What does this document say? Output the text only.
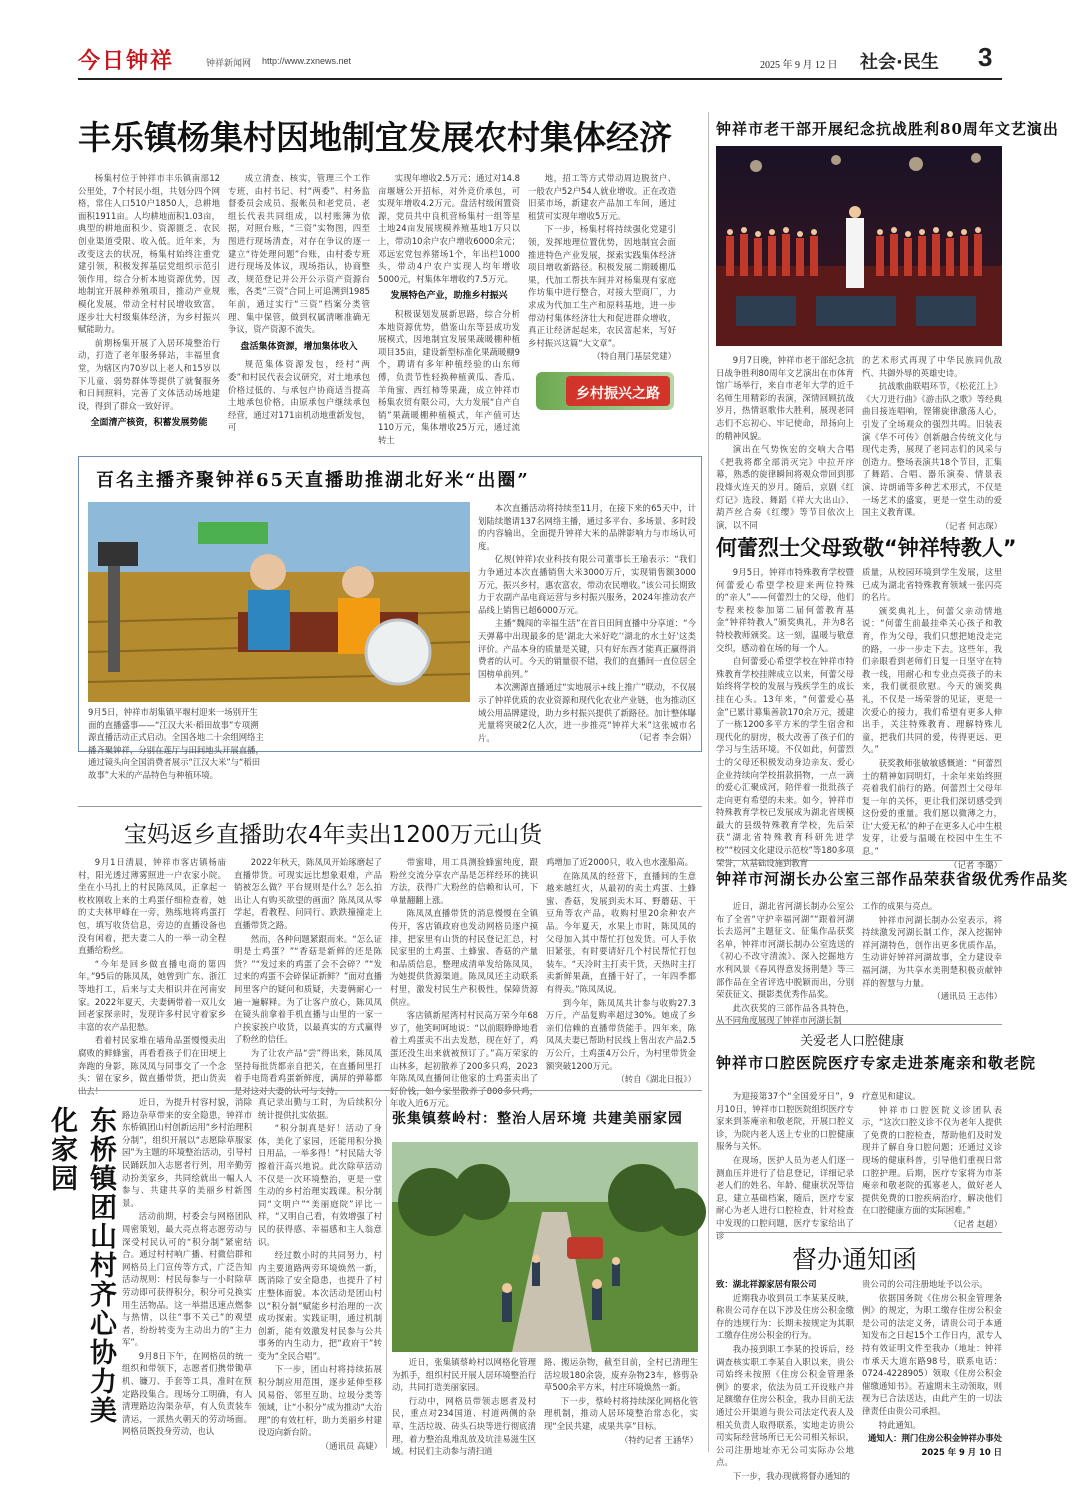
今日钟祥	钟祥新闻网 http://www.zxnews.net	2025 年 9 月 12 日 社会·民生 3
丰乐镇杨集村因地制宜发展农村集体经济

杨集村位于钟祥市丰乐镇南部12公里处，7个村民小组，共划分四个网格，常住人口510户1850人，总耕地面积1911亩。人均耕地面积1.03亩，典型的耕地面积少、资源匮乏、农民创业渠道受限、收入低。近年来，为改变这去的状况，杨集村始终注重党建引领，积极发挥基层党组织示范引领作用，综合分析本地资源优势，因地制宜开展种养殖项目，推动产业规模化发展，带动全村村民增收致富，逐步壮大村级集体经济，为乡村振兴赋能助力。

前期杨集开展了入居环境整治行动，打造了老年服务驿站，丰福里食堂，为辖区内70岁以上老人和15岁以下儿童、弱势群体等提供了就餐服务和日间照料，完善了文体活动场地建设，得到了群众一致好评。

全面清产核资，积蓄发展势能

成立清查、核实，管理三个工作专班，由村书记、村“两委”、村务监督委员会成员、报帐员和老党员、老组长代表共同组成，以村账簿为依据，对照台账，“三资”实物图，四至图进行现场清查，对存在争议的逐一建立“待处理问题”台账，由村委专班进行现场及体议，现场指认，协商整改，规范登记并公开公示资产资源台账，各类“三资”合同上可追溯到1985年前，通过实行“三资”档案分类管理、集中保管，做到权属清晰准确无争议，资产资源不流失。

盘活集体资源，增加集体收入

规范集体资源发包，经村“两委”和村民代表会议研究，对土地承包价格过低的、与承包户协商适当提高土地承包价格，由原承包户继续承包经营，通过对171亩机动地重新发包，可

实现年增收2.5万元；通过对14.8亩堰塘公开招标，对外竞价承包，可实现年增收4.2万元。盘活村级闲置资源，党员共中良机营杨集村一组等星土地24亩发展规模养殖基地1万只以上，带动10余户农户增收6000余元；邓远宏党包养猪场1个，年出栏1000头，带动4户农户实现人均年增收5000元，村集体年增收约7.5万元。

发展特色产业，助推乡村振兴

积极谋划发展新思路，综合分析本地资源优势，借鉴山东等县成功发展模式，因地制宜发展果蔬暖棚种植项目35亩，建设新型标准化果蔬暖棚9个，聘请有多年种植经验的山东师傅，负责节性轻换种植黄瓜、香瓜、羊角蜜、西红柿等果蔬，成立钟祥市杨集农贸有限公司，大力发展“自产自销”果蔬暖棚种植模式，年产值可达110万元，集体增收25万元，通过流转土

地，招工等方式带动周边脱贫户、一般农户52户54人就业增收。正在改造旧菜市场，新建农产品加工车间，通过租赁可实现年增收5万元。

下一步，杨集村将持续强化党建引领，发挥地理位置优势，因地制宜会面推进特色产业发展，探索实践集体经济项目增收新路径。积极发展二期暖棚瓜果，代加工帮扶车间并对杨集现有家庭作坊集中进行整合，对接大型商厂，力求成为代加工生产和原料基地，进一步带动村集体经济壮大和促进群众增收，真正让经济起起来，农民富起来，写好乡村振兴这篇“大文章”。

（特自荆门基层党建）

乡村振兴之路
钟祥市老干部开展纪念抗战胜利80周年文艺演出

9月7日晚，钟祥市老干部纪念抗日战争胜利80周年文艺演出在市体育馆广场举行，来自市老年大学的近千名师生用精彩的表演，深情回顾抗战岁月，热情讴歌伟大胜利，展现老同志们不忘初心、牢记使命，昂扬向上的精神风貌。

演出在气势恢宏的交响大合唱《把我将都全部消灭完》中拉开序幕，熟悉的旋律瞬间将观众带回到那段烽火连天的岁月。随后，京剧《红灯记》选段、舞蹈《祥大大出山》、葫芦丝合奏《红缨》等节目依次上演，以不同

的艺术形式再现了中华民族同仇敌忾、共御外辱的英雄史诗。

抗战歌曲联唱环节，《松花江上》《大刀进行曲》《游击队之歌》等经典曲目接连唱响，铿锵旋律激荡人心，引发了全场观众的强烈共鸣。旧装表演《华不可传》创新融合传统文化与现代走秀，展现了老同志们的风采与创造力。整场表演共18个节目，汇集了舞蹈、合唱、器乐演奏、情景表演、诗朗诵等多种艺术形式，不仅是一场艺术的盛宴，更是一堂生动的爱国主义教育课。

（记者 何志琛）

百名主播齐聚钟祥65天直播助推湖北好米“出圈”
9月5日，钟祥市胡集镇平堰村迎来一场别开生面的直播盛事——“江汉大米·稻田故事”专项溯源直播活动正式启动。全国各地二十余组网络主播齐聚钟祥，分别在莲厅与田间地头开展直播，通过镜头向全国消费者展示“江汉大米”与“稻田故事”大米的产品特色与种植环境。

本次直播活动将持续至11月，在接下来的65天中，计划陆续邀请137名网络主播，通过多平台、多场景、多时段的内容输出，全面提升钟祥大米的品牌影响力与市场认可度。

亿规(钟祥)农业科技有限公司董事长王瑜表示：“我们力争通过本次直播销售大米3000万斤，实现销售额3000万元，振兴乡村，惠农富农，带动农民增收。”该公司长期致力于农副产品电商运营与乡村振兴服务，2024年推动农产品线上销售已超6000万元。

主播“魏闯的幸福生活”在首日田间直播中分享道：“今天弹幕中出现最多的是‘湖北大米好吃’‘湖北的水土好’这类评价。产品本身的质量是关键，只有好东西才能真正赢得消费者的认可。今天的销量很不错，我们的直播间一直位居全国榜单前列。”

本次溯源直播通过“实地展示+线上推广”联动，不仅展示了钟祥优质的农业资源和现代化农业产业链，也为推动区域公用品牌建设，助力乡村振兴提供了新路径。加计整体曝光量将突破2亿人次，进一步推亮“钟祥大米”这张城市名片。	（记者 李会娟）
何蕾烈士父母致敬“钟祥特教人”

9月5日，钟祥市特殊教育学校暨何蕾爱心希望学校迎来两位特殊的“亲人”——何蕾烈士的父母，他们专程来校参加第二届何蕾教育基金“钟祥特教人”颁奖典礼，并为8名特校教师颁奖。这一刻，温暖与敬意交织，感动着在场的每一个人。

自何蕾爱心希望学校在钟祥市特殊教育学校挂牌成立以来，何蕾父母始终将学校的发展与残疾学生的成长挂在心头。13年来，“何蕾爱心基金”已累计募集善款170余万元，援建了一栋1200多平方米的学生宿舍和现代化的厨房，极大改善了孩子们的学习与生活环境。不仅如此，何蕾烈士的父母还积极发动身边亲友、爱心企业持续向学校捐款捐物，一点一滴的爱心汇聚成河，陪伴着一批批孩子走向更有希望的未来。如今，钟祥市特殊教育学校已发展成为湖北省规模最大的县级特殊教育学校，先后荣获“湖北省特殊教育科研先进学校”“校园文化建设示范校”等180多项荣誉，从基础设施到教育

质量，从校园环境到学生发展，这里已成为湖北省特殊教育领域一张闪亮的名片。

颁奖典礼上，何蕾父亲动情地说：“何蕾生前最挂牵关心孩子和教育，作为父母，我们只想把她没走完的路，一步一步走下去。这些年，我们亲眼看到老师们日复一日坚守在特教一线，用耐心和专业点亮孩子的未来，我们就很欣慰。今天的颁奖典礼，不仅是一场荣誉的见证，更是一次爱心的接力，我们希望有更多人伸出手，关注特殊教育、理解特殊儿童，把我们共同的爱，传得更远、更久。”

获奖教师张敏敏感慨道：“何蕾烈士的精神如同明灯，十余年来始终照亮着我们前行的路。何蕾烈士父母年复一年的关怀，更让我们深切感受到这份爱的重量。我们愿以微薄之力，让‘大爱无私’的种子在更多人心中生根发芽，让爱与温暖在校园中生生不息。”

（记者 李璐）

宝妈返乡直播助农4年卖出1200万元山货

9月1日清晨，钟祥市客店镇杨庙村，阳光透过薄雾照进一户农家小院。坐在小马扎上的村民陈凤凤，正拿起一枚枚刚收上来的土鸡蛋仔细检查着，她的丈夫林甲峰在一旁，熟练地将鸡蛋打包，填写收货信息，旁边的直播设备也没有闲着，把夫妻二人的一举一动全程直播给粉丝。

“今年是回乡做直播电商的第四年。”95后的陈凤凤，她曾到广东、浙江等地打工，后来与丈夫相识并在河南安家。2022年夏天，夫妻俩带着一双儿女回老家探亲时，发现许多村民守着家乡丰富的农产品犯愁。

看着村民家堆在墙角品蛋慢慢卖出腐败的鲜蜂蜜，再看看孩子们在田埂上奔跑的身影，陈凤凤与同事交了一个念头：留在家乡，做直播带货，把山货卖出去！

2022年秋天，陈凤凤开始琢磨起了直播带货。可现实远比想象艰难，产品销被怎么做？平台规则是什么？怎么拍出让人有购买欲望的画面？陈凤凤从零学起，看教程、问同行、跌跌撞撞走上直播带货之路。

然而，各种问题紧跟而来。“怎么证明是土鸡蛋？”“香菇是新鲜的还是陈货？”“发过来的鸡蛋了会不会碎？”“发过来的鸡蛋不会碎保证新鲜？”面对直播间里客户的疑问和质疑，夫妻俩耐心一遍一遍解释。为了让客户放心，陈凤凤在镜头前拿着手机直播与山里的一家一户挨家挨户收货，以最真实的方式赢得了粉丝的信任。

为了让农产品“尝”得出来，陈凤凤坚持每批货都亲自把关，在直播间里打着手电筒看鸡蛋新鲜度，满屏的弹幕都是对这对夫妻的认可与支持。

带蜜啡，用工具测验蜂蜜纯度，跟粉丝交流分享农产品是怎样经环的挑识方法，获得广大粉丝的信赖和认可，下单量翻翻上涨。

陈凤凤直播带货的消息慢慢在全镇传开，客店镇政府也发动网格员逐户摸排，把家里有山货的村民登记汇总，村民家里的土鸡蛋、土蜂蜜、香菇的产量和品质信息，整理成清单发给陈凤凤，为她提供货源渠道。陈凤凤还主动联系村里，激发村民生产积极性，保障货源供应。

客店镇新屋湾村村民高万荣今年68岁了，他笑呵呵地说：“以前眼睁睁地看着土鸡蛋卖不出去发愁，现在好了，鸡蛋还没生出来就被预订了。”高万荣家的山林多，起初散养了200多只鸡，2023年陈凤凤直播间让他家的土鸡蛋卖出了好价钱，如今家里散养了800多只鸡，年收入近6万元。

鸡增加了近2000只，收入也水涨船高。

在陈凤凤的经营下，直播间的生意越来越红火，从最初的卖土鸡蛋、土蜂蜜、香菇，发展到卖木耳、野蘑菇、干豆角等农产品，收购村里20余种农产品。今年夏天，水果上市时，陈凤凤的父母加入其中帮忙打包发货。可人手依旧紧张，有时要请好几个村民帮忙打包装车。“天冷时主打卖干货，天热时主打卖新鲜果蔬，直播干好了，一年四季都有得卖。”陈凤凤说。

到今年，陈凤凤共计参与收购27.3万斤，产品复购率超过30%。她成了乡亲们信赖的直播带货能手。四年来，陈凤凤夫妻已帮助村民线上售出农产品2.5万公斤，土鸡蛋4万公斤，为村里带货金额突破1200万元。

（转自《湖北日报》）

钟祥市河湖长办公室三部作品荣获省级优秀作品奖

近日，湖北省河湖长制办公室公布了全省“守护幸福河湖”“跟着河湖长去巡河”主题征文、征集作品获奖名单，钟祥市河湖长制办公室选送的《初心不改守清流》、深入挖掘地方水利风景《春风得意发扬荆楚》等三部作品在全省评选中脱颖而出，分别荣获征文、摄影类优秀作品奖。

此次获奖的三部作品各具特色，从不同角度展现了钟祥市河湖长制

工作的成果与亮点。

钟祥市河湖长制办公室表示，将持续激发河湖长制工作，深入挖掘钟祥河湖特色，创作出更多优质作品，生动讲好钟祥河湖故事，全力建设幸福河湖，为共享水美荆楚积极贡献钟祥的智慧与力量。

（通讯员 王志伟）

关爱老人口腔健康
钟祥市口腔医院医疗专家走进茶庵亲和敬老院

为迎接第37个“全国爱牙日”，9月10日，钟祥市口腔医院组织医疗专家来到茶庵亲和敬老院，开展口腔义诊，为院内老人送上专业的口腔健康服务与关怀。

在现场，医护人员为老人们逐一测血压并进行了信息登记，详细记录老人们的姓名、年龄、健康状况等信息，建立基础档案，随后，医疗专家耐心为老人进行口腔检查，针对检查中发现的口腔问题，医疗专家给出了诊

疗意见和建议。

钟祥市口腔医院义诊团队表示，“这次口腔义诊不仅为老年人提供了免费的口腔检查，帮助他们及时发现并了解自身口腔问题；还通过义诊现场的健康科普，引导他们重视日常口腔护理。后期，医疗专家将为市茶庵亲和敬老院的孤寡老人，做好老人提供免费的口腔疾病治疗，解决他们在口腔健康方面的实际困难。”

（记者 赵超）

东桥镇团山村齐心协力美化家园

近日，为提升村容村貌，消除路边杂草带来的安全隐患，钟祥市东桥镇团山村创新运用“乡村治理积分制”，组织开展以“志愿除草服家园”为主题的环境整治活动，引导村民踊跃加入志愿者行列，用辛勤劳动扮美家乡，共同绘就出一幅人人参与、共建共享的美丽乡村新图景。

活动前期，村委会与网格团队周密策划，最大亮点将志愿劳动与深受村民认可的“积分制”紧密结合。通过村村响广播、村微信群和网格员上门宣传等方式，广泛告知活动规则：村民每参与一小时除草劳动即可获得积分，积分可兑换实用生活物品。这一举措迅速点燃参与热情，以往“事不关己”的观望者，纷纷转变为主动出力的“主力军”。

9月8日下午，在网格员的统一组织和带领下，志愿者们携带锄草机、镰刀、手套等工具，准时在预定路段集合。现场分工明确，有人清理路边沟渠杂草，有人负责装车清运，一派热火朝天的劳动场面。网格员既投身劳动，也认

真记录出勤与工时，为后续积分统计提供扎实依据。

“积分制真是好！活动了身体，美化了家园，还能用积分换日用品，一举多得！”村民陆大爷擦着汗高兴地说。此次除草活动不仅是一次环境整治，更是一堂生动的乡村治理实践课。积分制同“文明户”“美丽庭院”评比一样，“又明自己看，有效增强了村民的获得感、幸福感和主人翁意识。

经过数小时的共同努力，村内主要道路两旁环境焕然一新，既消除了安全隐患，也提升了村庄整体面貌。本次活动是团山村以“积分制”赋能乡村治理的一次成功探索。实践证明，通过机制创新，能有效激发村民参与公共事务的内生动力，把“政府干”转变为“全民合唱”。

下一步，团山村将持续拓展积分制应用范围，逐步延伸至移风易俗、邻里互助、垃圾分类等领域，让“小积分”成为推动“大治理”的有效杠杆，助力美丽乡村建设迈向新台阶。

（通讯员 高婕）

张集镇蔡岭村：整治人居环境 共建美丽家园

近日，张集镇蔡岭村以网格化管理为抓手，组织村民开展人居环境整治行动，共同打造美丽家园。

行动中，网格员带领志愿者及村民，重点对234国道、村道两侧的杂草、生活垃圾、砖头石块等进行彻底清理，着力整治乱堆乱放及坑洼易滋生区域。村民们主动参与清扫道

路、搬运杂物，截至目前，全村已清理生活垃圾180余袋，废弃杂物23车，修剪杂草500余平方米，村庄环境焕然一新。

下一步，蔡岭村将持续深化网格化管理机制，推动人居环境整治常态化，实现“全民共建，成果共享”目标。

（特约记者 王涵华）

督办通知函

致：湖北祥源家居有限公司

近期我办收到员工李某某反映，称贵公司存在以下涉及住房公积金缴存的违规行为：长期未按规定为其职工缴存住房公积金的行为。

我办接到职工李某的投诉后，经调查核实职工李某自入职以来，贵公司始终未按照《住房公积金管理条例》的要求，依法为员工开设账户并足额缴存住房公积金，我办目前无法通过公开渠道与贵公司法定代表人及相关负责人取得联系，实地走访贵公司实际经营场所已无公司相关标识，公司注册地址亦无公司实际办公地点。

下一步，我办现就将督办通知的

贵公司的公司注册地址予以公示。

依据国务院《住房公积金管理条例》的规定，为职工缴存住房公积金是公司的法定义务，请贵公司于本通知发布之日起15个工作日内，派专人持有效证明文件至我办（地址：钟祥市承天大道东路98号，联系电话：0724-4228905）领取《住房公积金催缴通知书》。若逾期未主动领取，则视为已合法送达，由此产生的一切法律责任由贵公司承担。

特此通知。

通知人：荆门住房公积金钟祥办事处

2025 年 9 月 10 日
